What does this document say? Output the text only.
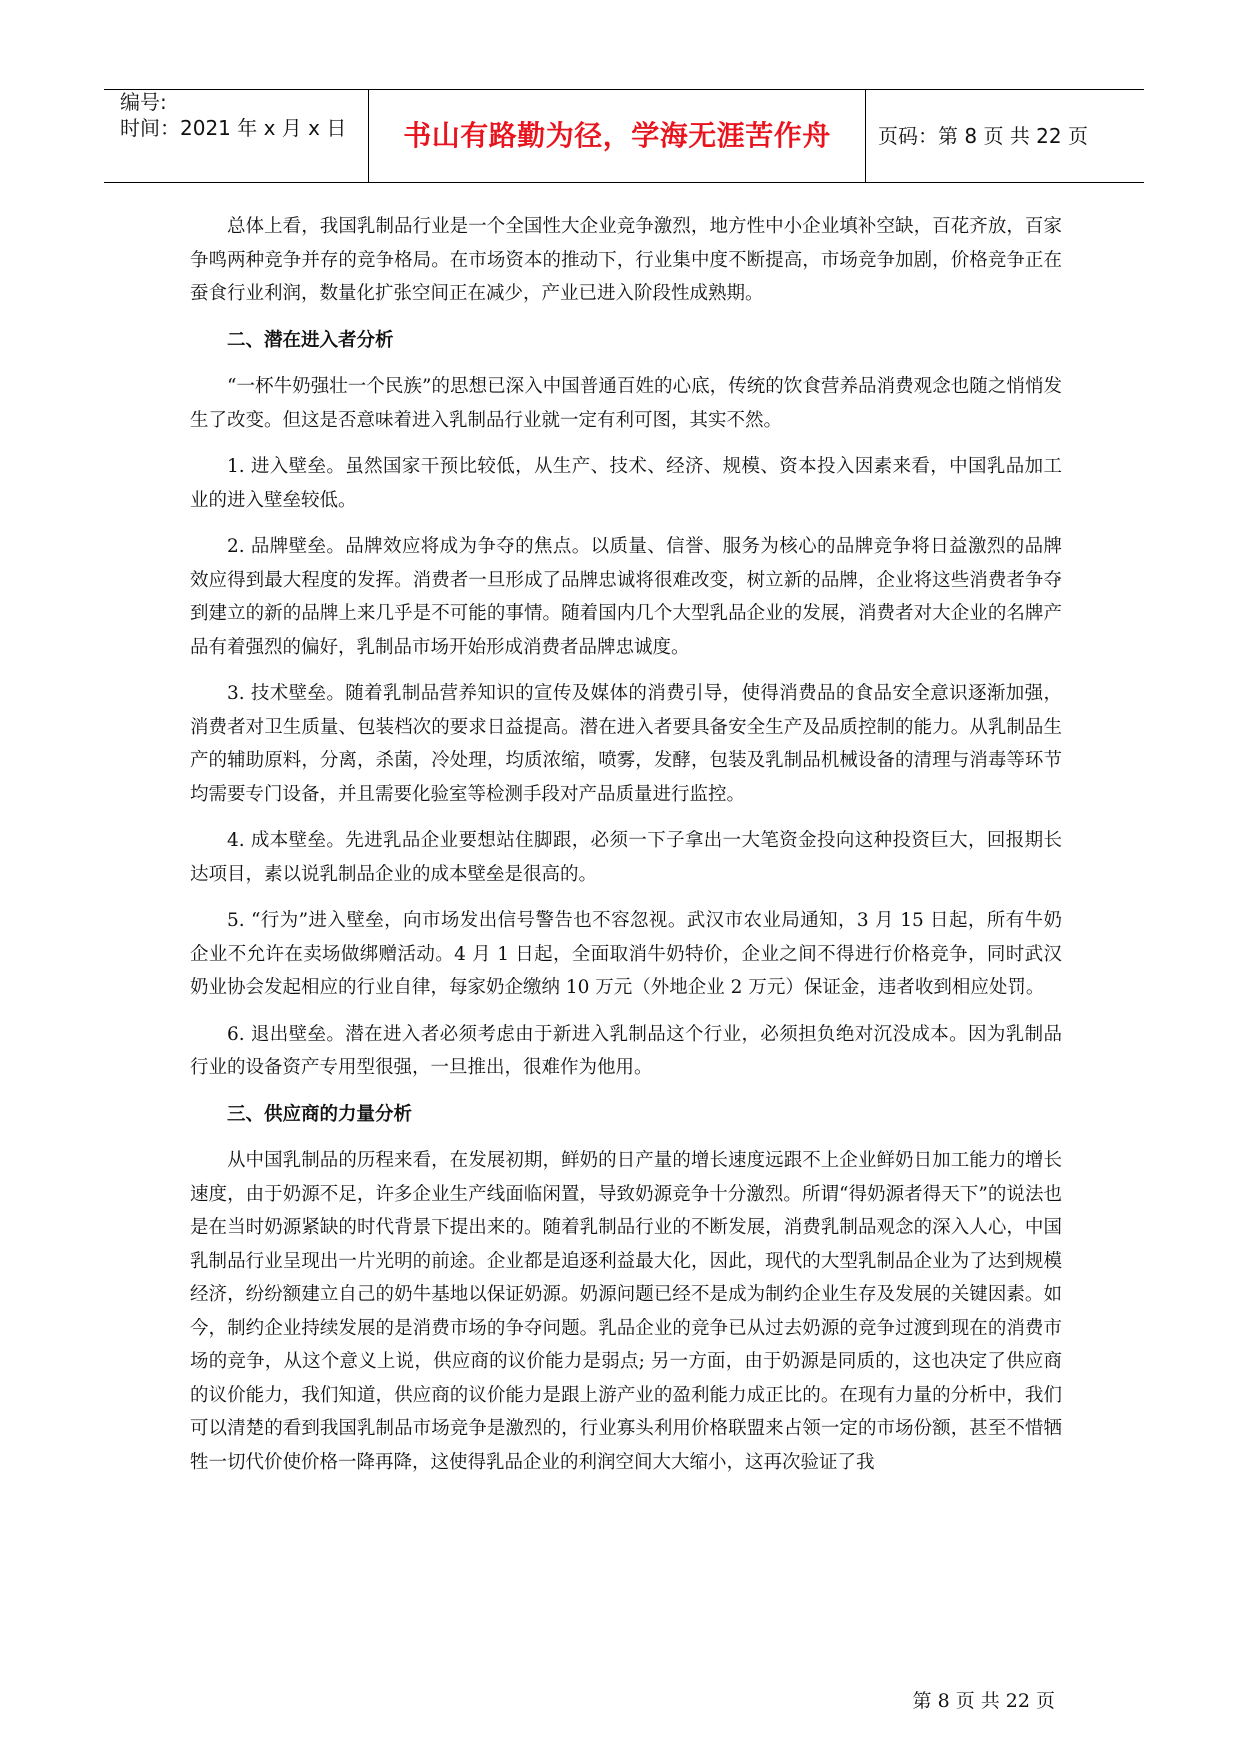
编号:
时间：2021 年 x 月 x 日	书山有路勤为径，学海无涯苦作舟	页码：第 8 页 共 22 页

总体上看，我国乳制品行业是一个全国性大企业竞争激烈，地方性中小企业填补空缺，百花齐放，百家争鸣两种竞争并存的竞争格局。在市场资本的推动下，行业集中度不断提高，市场竞争加剧，价格竞争正在蚕食行业利润，数量化扩张空间正在减少，产业已进入阶段性成熟期。

二、潜在进入者分析

“一杯牛奶强壮一个民族”的思想已深入中国普通百姓的心底，传统的饮食营养品消费观念也随之悄悄发生了改变。但这是否意味着进入乳制品行业就一定有利可图，其实不然。

1. 进入壁垒。虽然国家干预比较低，从生产、技术、经济、规模、资本投入因素来看，中国乳品加工业的进入壁垒较低。

2. 品牌壁垒。品牌效应将成为争夺的焦点。以质量、信誉、服务为核心的品牌竞争将日益激烈的品牌效应得到最大程度的发挥。消费者一旦形成了品牌忠诚将很难改变，树立新的品牌，企业将这些消费者争夺到建立的新的品牌上来几乎是不可能的事情。随着国内几个大型乳品企业的发展，消费者对大企业的名牌产品有着强烈的偏好，乳制品市场开始形成消费者品牌忠诚度。

3. 技术壁垒。随着乳制品营养知识的宣传及媒体的消费引导，使得消费品的食品安全意识逐渐加强，消费者对卫生质量、包装档次的要求日益提高。潜在进入者要具备安全生产及品质控制的能力。从乳制品生产的辅助原料，分离，杀菌，冷处理，均质浓缩，喷雾，发酵，包装及乳制品机械设备的清理与消毒等环节均需要专门设备，并且需要化验室等检测手段对产品质量进行监控。

4. 成本壁垒。先进乳品企业要想站住脚跟，必须一下子拿出一大笔资金投向这种投资巨大，回报期长达项目，素以说乳制品企业的成本壁垒是很高的。

5. “行为”进入壁垒，向市场发出信号警告也不容忽视。武汉市农业局通知，3 月 15 日起，所有牛奶企业不允许在卖场做绑赠活动。4 月 1 日起，全面取消牛奶特价，企业之间不得进行价格竞争，同时武汉奶业协会发起相应的行业自律，每家奶企缴纳 10 万元（外地企业 2 万元）保证金，违者收到相应处罚。

6. 退出壁垒。潜在进入者必须考虑由于新进入乳制品这个行业，必须担负绝对沉没成本。因为乳制品行业的设备资产专用型很强，一旦推出，很难作为他用。

三、供应商的力量分析

从中国乳制品的历程来看，在发展初期，鲜奶的日产量的增长速度远跟不上企业鲜奶日加工能力的增长速度，由于奶源不足，许多企业生产线面临闲置，导致奶源竞争十分激烈。所谓“得奶源者得天下”的说法也是在当时奶源紧缺的时代背景下提出来的。随着乳制品行业的不断发展，消费乳制品观念的深入人心，中国乳制品行业呈现出一片光明的前途。企业都是追逐利益最大化，因此，现代的大型乳制品企业为了达到规模经济，纷纷额建立自己的奶牛基地以保证奶源。奶源问题已经不是成为制约企业生存及发展的关键因素。如今，制约企业持续发展的是消费市场的争夺问题。乳品企业的竞争已从过去奶源的竞争过渡到现在的消费市场的竞争，从这个意义上说，供应商的议价能力是弱点; 另一方面，由于奶源是同质的，这也决定了供应商的议价能力，我们知道，供应商的议价能力是跟上游产业的盈利能力成正比的。在现有力量的分析中，我们可以清楚的看到我国乳制品市场竞争是激烈的，行业寡头利用价格联盟来占领一定的市场份额，甚至不惜牺牲一切代价使价格一降再降，这使得乳品企业的利润空间大大缩小，这再次验证了我

第 8 页 共 22 页
